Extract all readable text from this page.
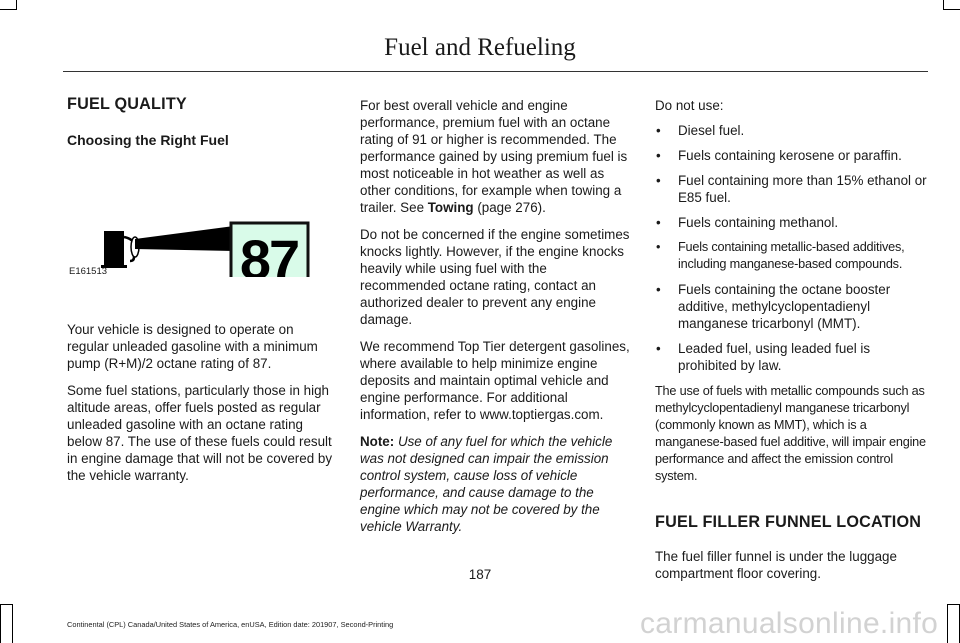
Fuel and Refueling
FUEL QUALITY
Choosing the Right Fuel
87
E161513

Your vehicle is designed to operate on regular unleaded gasoline with a minimum pump (R+M)/2 octane rating of 87.

Some fuel stations, particularly those in high altitude areas, offer fuels posted as regular unleaded gasoline with an octane rating below 87. The use of these fuels could result in engine damage that will not be covered by the vehicle warranty.

For best overall vehicle and engine performance, premium fuel with an octane rating of 91 or higher is recommended. The performance gained by using premium fuel is most noticeable in hot weather as well as other conditions, for example when towing a trailer. See Towing (page 276).

Do not be concerned if the engine sometimes knocks lightly. However, if the engine knocks heavily while using fuel with the recommended octane rating, contact an authorized dealer to prevent any engine damage.

We recommend Top Tier detergent gasolines, where available to help minimize engine deposits and maintain optimal vehicle and engine performance. For additional information, refer to www.toptiergas.com.

Note: Use of any fuel for which the vehicle was not designed can impair the emission control system, cause loss of vehicle performance, and cause damage to the engine which may not be covered by the vehicle Warranty.

Do not use:

• Diesel fuel.
• Fuels containing kerosene or paraffin.
• Fuel containing more than 15% ethanol or E85 fuel.
• Fuels containing methanol.
• Fuels containing metallic-based additives, including manganese-based compounds.
• Fuels containing the octane booster additive, methylcyclopentadienyl manganese tricarbonyl (MMT).
• Leaded fuel, using leaded fuel is prohibited by law.

The use of fuels with metallic compounds such as methylcyclopentadienyl manganese tricarbonyl (commonly known as MMT), which is a manganese-based fuel additive, will impair engine performance and affect the emission control system.

FUEL FILLER FUNNEL LOCATION

The fuel filler funnel is under the luggage compartment floor covering.

187
Continental (CPL) Canada/United States of America, enUSA, Edition date: 201907, Second-Printing	carmanualsonline.info
